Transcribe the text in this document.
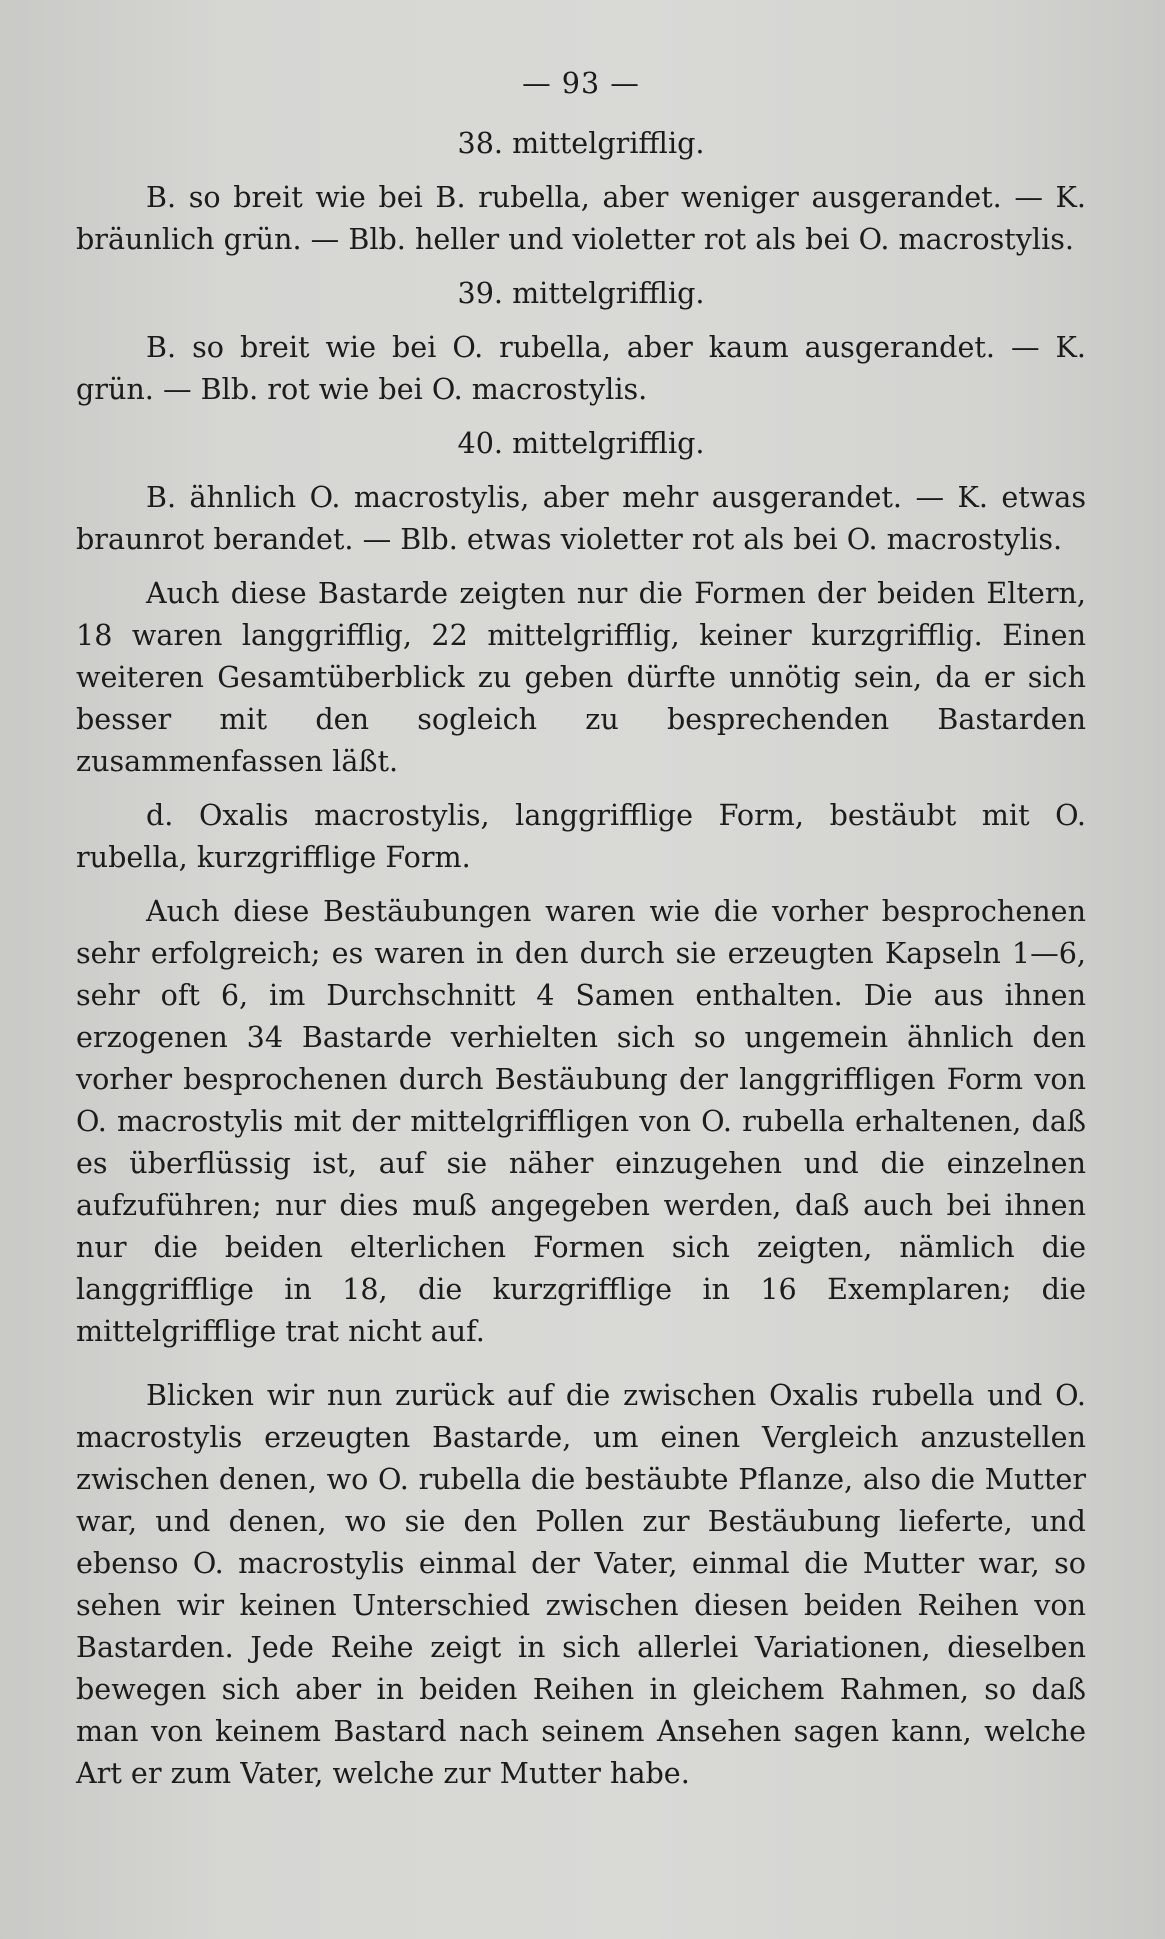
— 93 —
38. mittelgrifflig.
B. so breit wie bei B. rubella, aber weniger ausgerandet. — K. bräunlich grün. — Blb. heller und violetter rot als bei O. macrostylis.
39. mittelgrifflig.
B. so breit wie bei O. rubella, aber kaum ausgerandet. — K. grün. — Blb. rot wie bei O. macrostylis.
40. mittelgrifflig.
B. ähnlich O. macrostylis, aber mehr ausgerandet. — K. etwas braunrot berandet. — Blb. etwas violetter rot als bei O. macrostylis.
Auch diese Bastarde zeigten nur die Formen der beiden Eltern, 18 waren langgrifflig, 22 mittelgrifflig, keiner kurzgrifflig. Einen weiteren Gesamtüberblick zu geben dürfte unnötig sein, da er sich besser mit den sogleich zu besprechenden Bastarden zusammenfassen läßt.
d. Oxalis macrostylis, langgrifflige Form, bestäubt mit O. rubella, kurzgrifflige Form.
Auch diese Bestäubungen waren wie die vorher besprochenen sehr erfolgreich; es waren in den durch sie erzeugten Kapseln 1—6, sehr oft 6, im Durchschnitt 4 Samen enthalten. Die aus ihnen erzogenen 34 Bastarde verhielten sich so ungemein ähnlich den vorher besprochenen durch Bestäubung der langgriffligen Form von O. macrostylis mit der mittelgriffligen von O. rubella erhaltenen, daß es überflüssig ist, auf sie näher einzugehen und die einzelnen aufzuführen; nur dies muß angegeben werden, daß auch bei ihnen nur die beiden elterlichen Formen sich zeigten, nämlich die langgrifflige in 18, die kurzgrifflige in 16 Exemplaren; die mittelgrifflige trat nicht auf.
Blicken wir nun zurück auf die zwischen Oxalis rubella und O. macrostylis erzeugten Bastarde, um einen Vergleich anzustellen zwischen denen, wo O. rubella die bestäubte Pflanze, also die Mutter war, und denen, wo sie den Pollen zur Bestäubung lieferte, und ebenso O. macrostylis einmal der Vater, einmal die Mutter war, so sehen wir keinen Unterschied zwischen diesen beiden Reihen von Bastarden. Jede Reihe zeigt in sich allerlei Variationen, dieselben bewegen sich aber in beiden Reihen in gleichem Rahmen, so daß man von keinem Bastard nach seinem Ansehen sagen kann, welche Art er zum Vater, welche zur Mutter habe.
